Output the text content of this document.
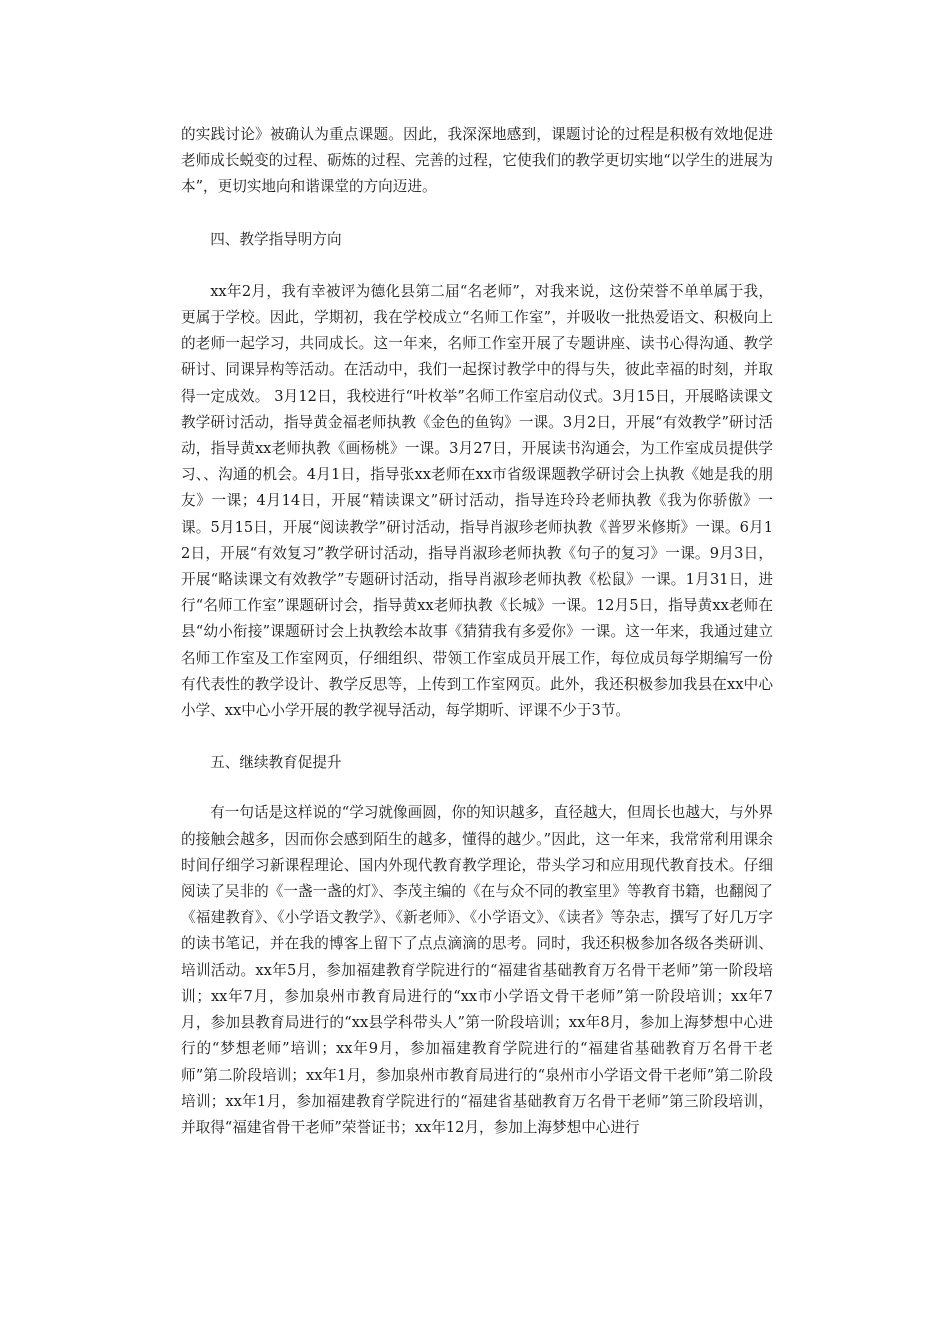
的实践讨论》被确认为重点课题。因此，我深深地感到，课题讨论的过程是积极有效地促进老师成长蜕变的过程、砺炼的过程、完善的过程，它使我们的教学更切实地“以学生的进展为本”，更切实地向和谐课堂的方向迈进。

四、教学指导明方向

xx年2月，我有幸被评为德化县第二届“名老师”，对我来说，这份荣誉不单单属于我，更属于学校。因此，学期初，我在学校成立“名师工作室”，并吸收一批热爱语文、积极向上的老师一起学习，共同成长。这一年来，名师工作室开展了专题讲座、读书心得沟通、教学研讨、同课异构等活动。在活动中，我们一起探讨教学中的得与失，彼此幸福的时刻，并取得一定成效。 3月12日，我校进行“叶枚举”名师工作室启动仪式。3月15日，开展略读课文教学研讨活动，指导黄金福老师执教《金色的鱼钩》一课。3月2日，开展“有效教学”研讨活动，指导黄xx老师执教《画杨桃》一课。3月27日，开展读书沟通会，为工作室成员提供学习、、沟通的机会。4月1日，指导张xx老师在xx市省级课题教学研讨会上执教《她是我的朋友》一课；4月14日，开展“精读课文”研讨活动，指导连玲玲老师执教《我为你骄傲》一课。5月15日，开展“阅读教学”研讨活动，指导肖淑珍老师执教《普罗米修斯》一课。6月12日，开展“有效复习”教学研讨活动，指导肖淑珍老师执教《句子的复习》一课。9月3日，开展“略读课文有效教学”专题研讨活动，指导肖淑珍老师执教《松鼠》一课。1月31日，进行“名师工作室”课题研讨会，指导黄xx老师执教《长城》一课。12月5日，指导黄xx老师在县“幼小衔接”课题研讨会上执教绘本故事《猜猜我有多爱你》一课。这一年来，我通过建立名师工作室及工作室网页，仔细组织、带领工作室成员开展工作，每位成员每学期编写一份有代表性的教学设计、教学反思等，上传到工作室网页。此外，我还积极参加我县在xx中心小学、xx中心小学开展的教学视导活动，每学期听、评课不少于3节。

五、继续教育促提升

有一句话是这样说的“学习就像画圆，你的知识越多，直径越大，但周长也越大，与外界的接触会越多，因而你会感到陌生的越多，懂得的越少。”因此，这一年来，我常常利用课余时间仔细学习新课程理论、国内外现代教育教学理论，带头学习和应用现代教育技术。仔细阅读了吴非的《一盏一盏的灯》、李茂主编的《在与众不同的教室里》等教育书籍，也翻阅了《福建教育》、《小学语文教学》、《新老师》、《小学语文》、《读者》等杂志，撰写了好几万字的读书笔记，并在我的博客上留下了点点滴滴的思考。同时，我还积极参加各级各类研训、培训活动。xx年5月，参加福建教育学院进行的“福建省基础教育万名骨干老师”第一阶段培训；xx年7月，参加泉州市教育局进行的“xx市小学语文骨干老师”第一阶段培训；xx年7月，参加县教育局进行的“xx县学科带头人”第一阶段培训；xx年8月，参加上海梦想中心进行的“梦想老师”培训；xx年9月，参加福建教育学院进行的“福建省基础教育万名骨干老师”第二阶段培训；xx年1月，参加泉州市教育局进行的“泉州市小学语文骨干老师”第二阶段培训；xx年1月，参加福建教育学院进行的“福建省基础教育万名骨干老师”第三阶段培训，并取得“福建省骨干老师”荣誉证书；xx年12月，参加上海梦想中心进行
